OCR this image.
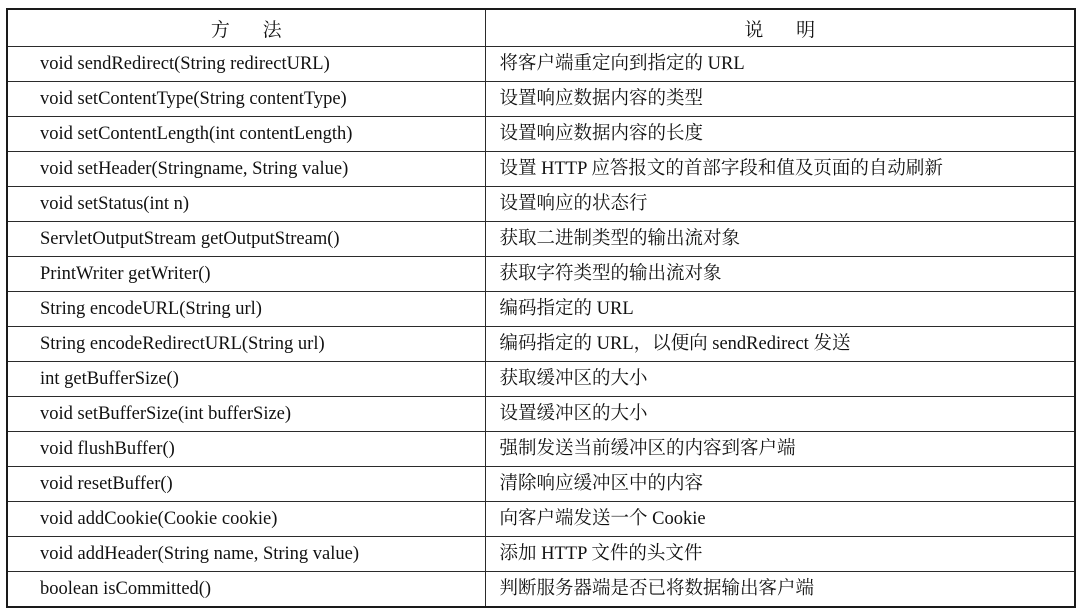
方 法	说 明
void sendRedirect(String redirectURL)	将客户端重定向到指定的 URL
void setContentType(String contentType)	设置响应数据内容的类型
void setContentLength(int contentLength)	设置响应数据内容的长度
void setHeader(Stringname, String value)	设置 HTTP 应答报文的首部字段和值及页面的自动刷新
void setStatus(int n)	设置响应的状态行
ServletOutputStream getOutputStream()	获取二进制类型的输出流对象
PrintWriter getWriter()	获取字符类型的输出流对象
String encodeURL(String url)	编码指定的 URL
String encodeRedirectURL(String url)	编码指定的 URL，以便向 sendRedirect 发送
int getBufferSize()	获取缓冲区的大小
void setBufferSize(int bufferSize)	设置缓冲区的大小
void flushBuffer()	强制发送当前缓冲区的内容到客户端
void resetBuffer()	清除响应缓冲区中的内容
void addCookie(Cookie cookie)	向客户端发送一个 Cookie
void addHeader(String name, String value)	添加 HTTP 文件的头文件
boolean isCommitted()	判断服务器端是否已将数据输出客户端
